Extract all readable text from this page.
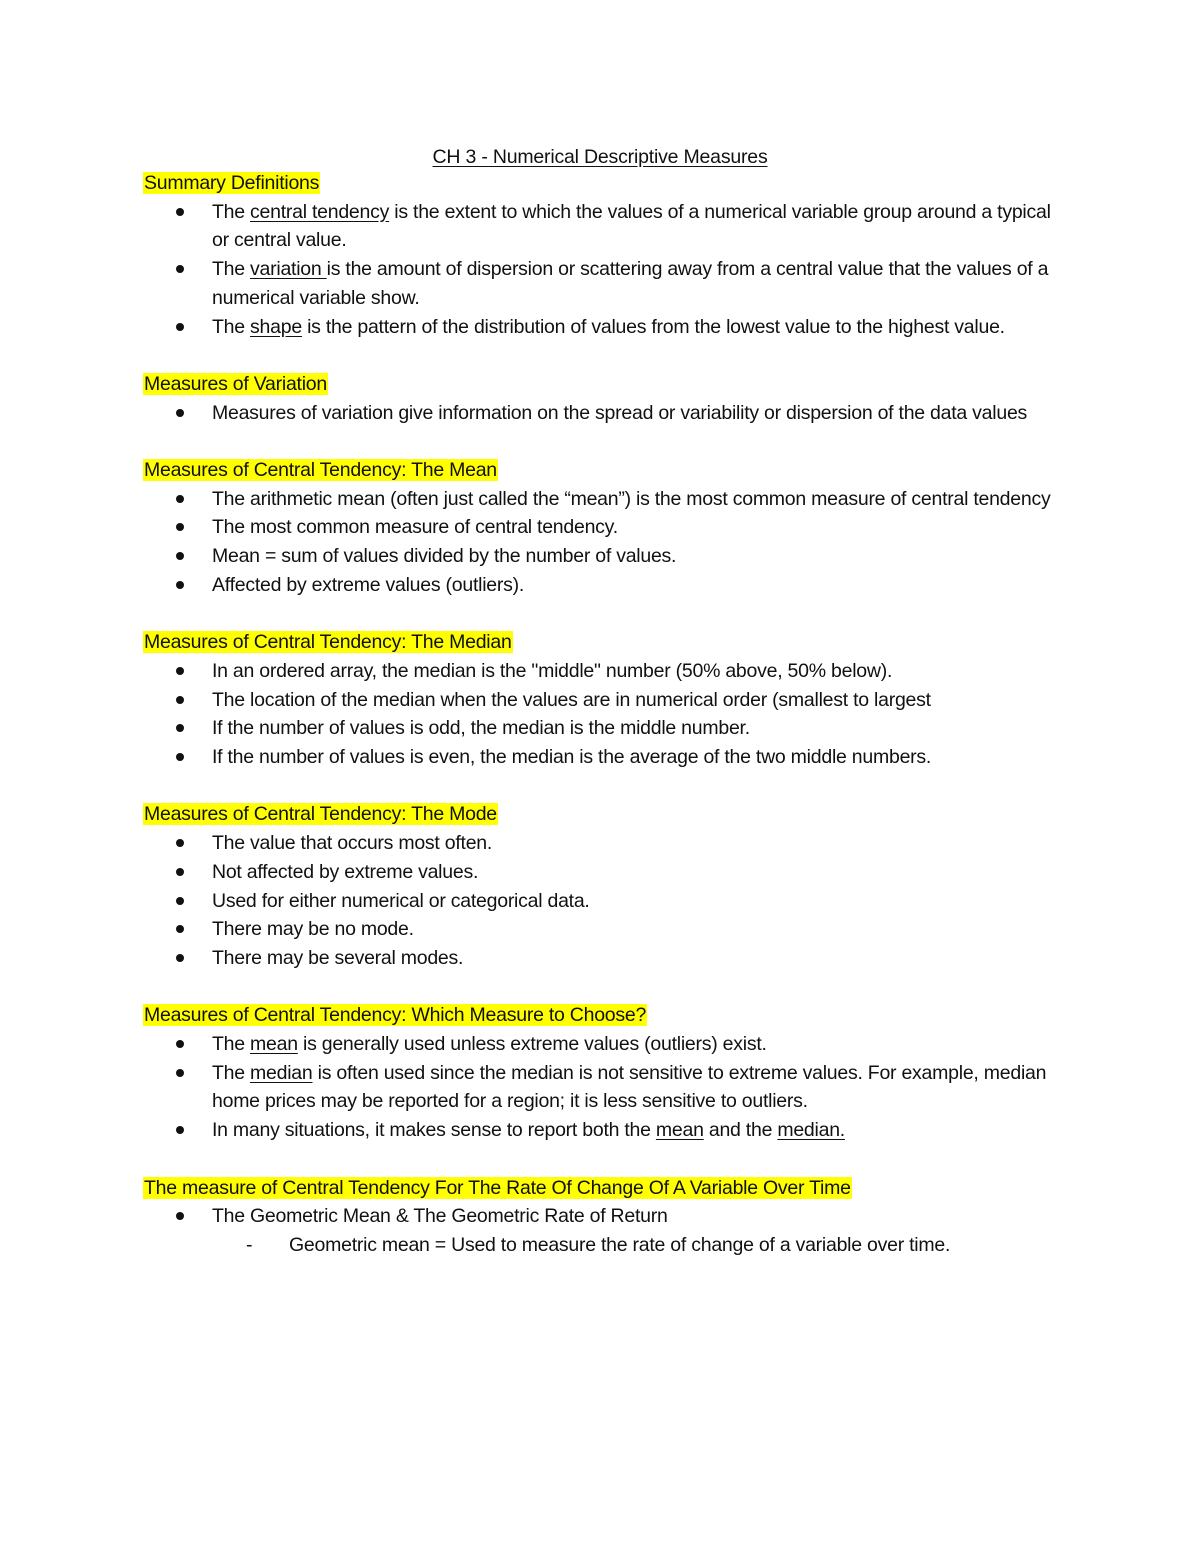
CH 3 - Numerical Descriptive Measures
Summary Definitions
The central tendency is the extent to which the values of a numerical variable group around a typical or central value.
The variation is the amount of dispersion or scattering away from a central value that the values of a numerical variable show.
The shape is the pattern of the distribution of values from the lowest value to the highest value.
Measures of Variation
Measures of variation give information on the spread or variability or dispersion of the data values
Measures of Central Tendency: The Mean
The arithmetic mean (often just called the “mean”) is the most common measure of central tendency
The most common measure of central tendency.
Mean = sum of values divided by the number of values.
Affected by extreme values (outliers).
Measures of Central Tendency: The Median
In an ordered array, the median is the "middle" number (50% above, 50% below).
The location of the median when the values are in numerical order (smallest to largest
If the number of values is odd, the median is the middle number.
If the number of values is even, the median is the average of the two middle numbers.
Measures of Central Tendency: The Mode
The value that occurs most often.
Not affected by extreme values.
Used for either numerical or categorical data.
There may be no mode.
There may be several modes.
Measures of Central Tendency: Which Measure to Choose?
The mean is generally used unless extreme values (outliers) exist.
The median is often used since the median is not sensitive to extreme values. For example, median home prices may be reported for a region; it is less sensitive to outliers.
In many situations, it makes sense to report both the mean and the median.
The measure of Central Tendency For The Rate Of Change Of A Variable Over Time
The Geometric Mean & The Geometric Rate of Return
- Geometric mean = Used to measure the rate of change of a variable over time.
